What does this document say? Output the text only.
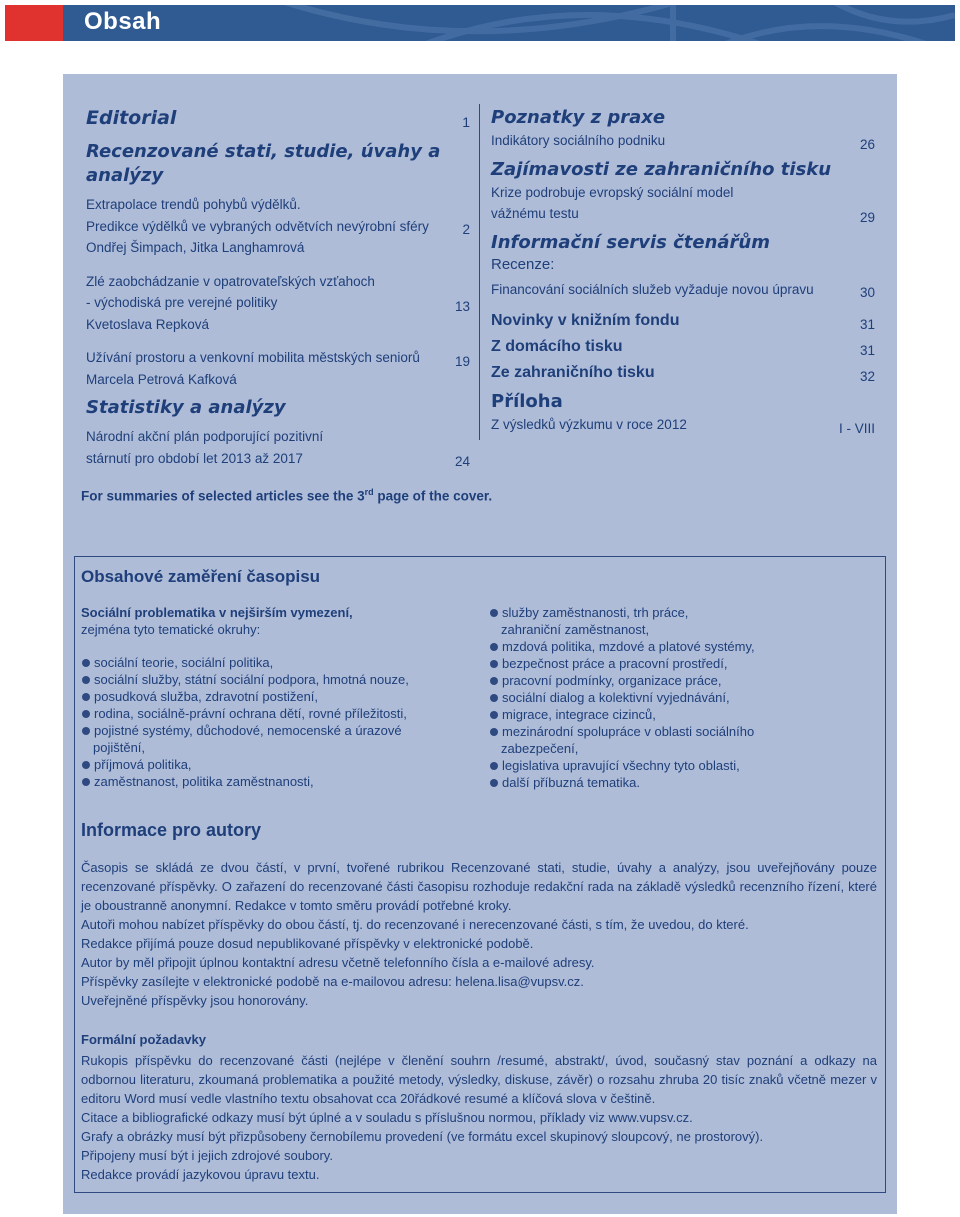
Obsah
Editorial	1
Recenzované stati, studie, úvahy a analýzy
Extrapolace trendů pohybů výdělků.
Predikce výdělků ve vybraných odvětvích nevýrobní sféry 2
Ondřej Šimpach, Jitka Langhamrová
Zlé zaobchádzanie v opatrovateľských vzťahoch
- východiská pre verejné politiky	13
Kvetoslava Repková
Užívání prostoru a venkovní mobilita městských seniorů	19
Marcela Petrová Kafková
Statistiky a analýzy
Národní akční plán podporující pozitivní
stárnutí pro období let 2013 až 2017	24
Poznatky z praxe
Indikátory sociálního podniku	26
Zajímavosti ze zahraničního tisku
Krize podrobuje evropský sociální model
vážnému testu	29
Informační servis čtenářům
Recenze:
Financování sociálních služeb vyžaduje novou úpravu	30
Novinky v knižním fondu	31
Z domácího tisku	31
Ze zahraničního tisku	32
Příloha
Z výsledků výzkumu v roce 2012	I - VIII
For summaries of selected articles see the 3rd page of the cover.
Obsahové zaměření časopisu
Sociální problematika v nejširším vymezení,
zejména tyto tematické okruhy:
sociální teorie, sociální politika,
sociální služby, státní sociální podpora, hmotná nouze,
posudková služba, zdravotní postižení,
rodina, sociálně-právní ochrana dětí, rovné příležitosti,
pojistné systémy, důchodové, nemocenské a úrazové
pojištění,
příjmová politika,
zaměstnanost, politika zaměstnanosti,
služby zaměstnanosti, trh práce,
zahraniční zaměstnanost,
mzdová politika, mzdové a platové systémy,
bezpečnost práce a pracovní prostředí,
pracovní podmínky, organizace práce,
sociální dialog a kolektivní vyjednávání,
migrace, integrace cizinců,
mezinárodní spolupráce v oblasti sociálního
zabezpečení,
legislativa upravující všechny tyto oblasti,
další příbuzná tematika.
Informace pro autory

Časopis se skládá ze dvou částí, v první, tvořené rubrikou Recenzované stati, studie, úvahy a analýzy, jsou uveřejňovány pouze recenzované příspěvky. O zařazení do recenzované části časopisu rozhoduje redakční rada na základě výsledků recenzního řízení, které je oboustranně anonymní. Redakce v tomto směru provádí potřebné kroky.

Autoři mohou nabízet příspěvky do obou částí, tj. do recenzované i nerecenzované části, s tím, že uvedou, do které.

Redakce přijímá pouze dosud nepublikované příspěvky v elektronické podobě.

Autor by měl připojit úplnou kontaktní adresu včetně telefonního čísla a e-mailové adresy.

Příspěvky zasílejte v elektronické podobě na e-mailovou adresu: helena.lisa@vupsv.cz.

Uveřejněné příspěvky jsou honorovány.

Formální požadavky

Rukopis příspěvku do recenzované části (nejlépe v členění souhrn /resumé, abstrakt/, úvod, současný stav poznání a odkazy na odbornou literaturu, zkoumaná problematika a použité metody, výsledky, diskuse, závěr) o rozsahu zhruba 20 tisíc znaků včetně mezer v editoru Word musí vedle vlastního textu obsahovat cca 20řádkové resumé a klíčová slova v češtině.

Citace a bibliografické odkazy musí být úplné a v souladu s příslušnou normou, příklady viz www.vupsv.cz.

Grafy a obrázky musí být přizpůsobeny černobílemu provedení (ve formátu excel skupinový sloupcový, ne prostorový).

Připojeny musí být i jejich zdrojové soubory.

Redakce provádí jazykovou úpravu textu.
